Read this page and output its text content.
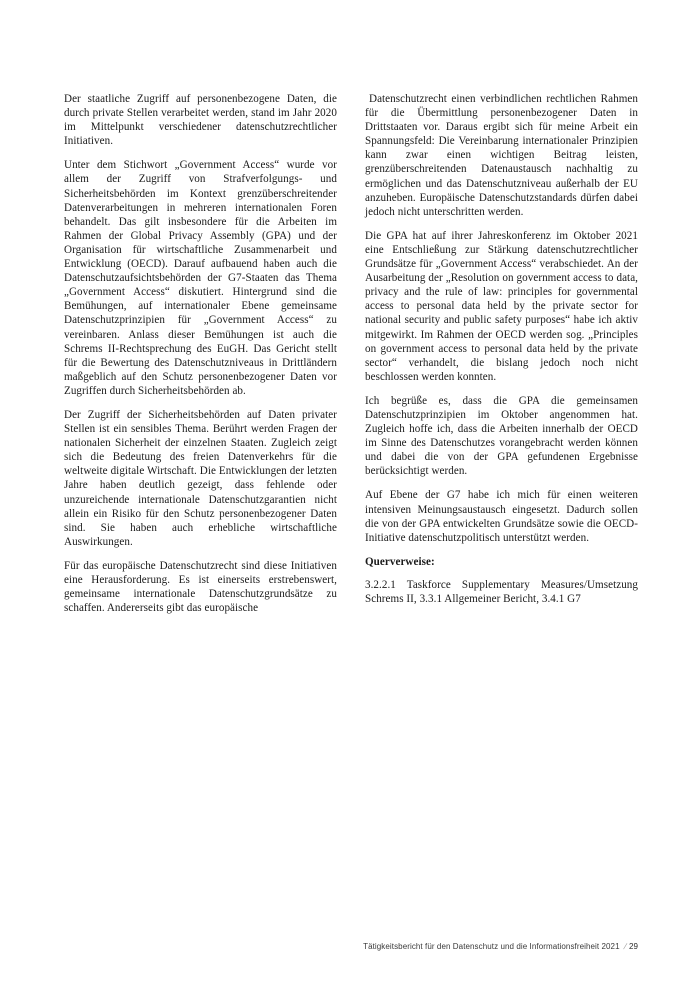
Der staatliche Zugriff auf personenbezogene Daten, die durch private Stellen verarbeitet werden, stand im Jahr 2020 im Mittelpunkt verschiedener datenschutzrechtlicher Initiativen.

Unter dem Stichwort „Government Access“ wurde vor allem der Zugriff von Strafverfolgungs- und Sicherheitsbehörden im Kontext grenzüberschreitender Datenverarbeitungen in mehreren internationalen Foren behandelt. Das gilt insbesondere für die Arbeiten im Rahmen der Global Privacy Assembly (GPA) und der Organisation für wirtschaftliche Zusammenarbeit und Entwicklung (OECD). Darauf aufbauend haben auch die Datenschutzaufsichtsbehörden der G7-Staaten das Thema „Government Access“ diskutiert. Hintergrund sind die Bemühungen, auf internationaler Ebene gemeinsame Datenschutzprinzipien für „Government Access“ zu vereinbaren. Anlass dieser Bemühungen ist auch die Schrems II-Rechtsprechung des EuGH. Das Gericht stellt für die Bewertung des Datenschutzniveaus in Drittländern maßgeblich auf den Schutz personenbezogener Daten vor Zugriffen durch Sicherheitsbehörden ab.

Der Zugriff der Sicherheitsbehörden auf Daten privater Stellen ist ein sensibles Thema. Berührt werden Fragen der nationalen Sicherheit der einzelnen Staaten. Zugleich zeigt sich die Bedeutung des freien Datenverkehrs für die weltweite digitale Wirtschaft. Die Entwicklungen der letzten Jahre haben deutlich gezeigt, dass fehlende oder unzureichende internationale Datenschutzgarantien nicht allein ein Risiko für den Schutz personenbezogener Daten sind. Sie haben auch erhebliche wirtschaftliche Auswirkungen.

Für das europäische Datenschutzrecht sind diese Initiativen eine Herausforderung. Es ist einerseits erstrebenswert, gemeinsame internationale Datenschutzgrundsätze zu schaffen. Andererseits gibt das europäische

Datenschutzrecht einen verbindlichen rechtlichen Rahmen für die Übermittlung personenbezogener Daten in Drittstaaten vor. Daraus ergibt sich für meine Arbeit ein Spannungsfeld: Die Vereinbarung internationaler Prinzipien kann zwar einen wichtigen Beitrag leisten, grenzüberschreitenden Datenaustausch nachhaltig zu ermöglichen und das Datenschutzniveau außerhalb der EU anzuheben. Europäische Datenschutzstandards dürfen dabei jedoch nicht unterschritten werden.

Die GPA hat auf ihrer Jahreskonferenz im Oktober 2021 eine Entschließung zur Stärkung datenschutzrechtlicher Grundsätze für „Government Access“ verabschiedet. An der Ausarbeitung der „Resolution on government access to data, privacy and the rule of law: principles for governmental access to personal data held by the private sector for national security and public safety purposes“ habe ich aktiv mitgewirkt. Im Rahmen der OECD werden sog. „Principles on government access to personal data held by the private sector“ verhandelt, die bislang jedoch noch nicht beschlossen werden konnten.

Ich begrüße es, dass die GPA die gemeinsamen Datenschutzprinzipien im Oktober angenommen hat. Zugleich hoffe ich, dass die Arbeiten innerhalb der OECD im Sinne des Datenschutzes vorangebracht werden können und dabei die von der GPA gefundenen Ergebnisse berücksichtigt werden.

Auf Ebene der G7 habe ich mich für einen weiteren intensiven Meinungsaustausch eingesetzt. Dadurch sollen die von der GPA entwickelten Grundsätze sowie die OECD-Initiative datenschutzpolitisch unterstützt werden.

Querverweise:

3.2.2.1 Taskforce Supplementary Measures/Umsetzung Schrems II, 3.3.1 Allgemeiner Bericht, 3.4.1 G7

Tätigkeitsbericht für den Datenschutz und die Informationsfreiheit 2021 / 29
